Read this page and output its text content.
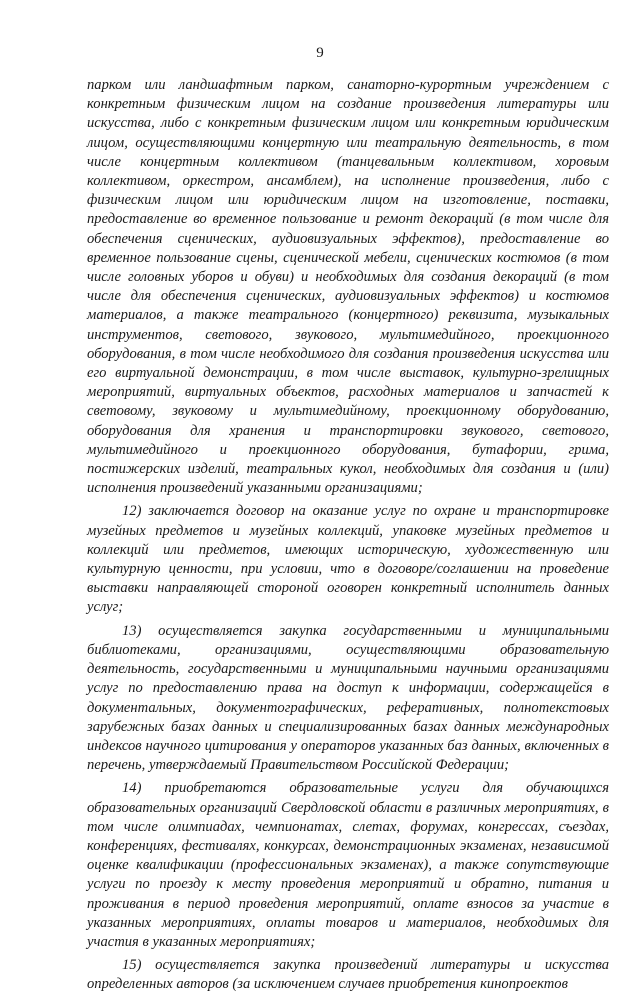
9

парком или ландшафтным парком, санаторно-курортным учреждением с конкретным физическим лицом на создание произведения литературы или искусства, либо с конкретным физическим лицом или конкретным юридическим лицом, осуществляющими концертную или театральную деятельность, в том числе концертным коллективом (танцевальным коллективом, хоровым коллективом, оркестром, ансамблем), на исполнение произведения, либо с физическим лицом или юридическим лицом на изготовление, поставки, предоставление во временное пользование и ремонт декораций (в том числе для обеспечения сценических, аудиовизуальных эффектов), предоставление во временное пользование сцены, сценической мебели, сценических костюмов (в том числе головных уборов и обуви) и необходимых для создания декораций (в том числе для обеспечения сценических, аудиовизуальных эффектов) и костюмов материалов, а также театрального (концертного) реквизита, музыкальных инструментов, светового, звукового, мультимедийного, проекционного оборудования, в том числе необходимого для создания произведения искусства или его виртуальной демонстрации, в том числе выставок, культурно-зрелищных мероприятий, виртуальных объектов, расходных материалов и запчастей к световому, звуковому и мультимедийному, проекционному оборудованию, оборудования для хранения и транспортировки звукового, светового, мультимедийного и проекционного оборудования, бутафории, грима, постижерских изделий, театральных кукол, необходимых для создания и (или) исполнения произведений указанными организациями;

12) заключается договор на оказание услуг по охране и транспортировке музейных предметов и музейных коллекций, упаковке музейных предметов и коллекций или предметов, имеющих историческую, художественную или культурную ценности, при условии, что в договоре/соглашении на проведение выставки направляющей стороной оговорен конкретный исполнитель данных услуг;

13) осуществляется закупка государственными и муниципальными библиотеками, организациями, осуществляющими образовательную деятельность, государственными и муниципальными научными организациями услуг по предоставлению права на доступ к информации, содержащейся в документальных, документографических, реферативных, полнотекстовых зарубежных базах данных и специализированных базах данных международных индексов научного цитирования у операторов указанных баз данных, включенных в перечень, утверждаемый Правительством Российской Федерации;

14) приобретаются образовательные услуги для обучающихся образовательных организаций Свердловской области в различных мероприятиях, в том числе олимпиадах, чемпионатах, слетах, форумах, конгрессах, съездах, конференциях, фестивалях, конкурсах, демонстрационных экзаменах, независимой оценке квалификации (профессиональных экзаменах), а также сопутствующие услуги по проезду к месту проведения мероприятий и обратно, питания и проживания в период проведения мероприятий, оплате взносов за участие в указанных мероприятиях, оплаты товаров и материалов, необходимых для участия в указанных мероприятиях;

15) осуществляется закупка произведений литературы и искусства определенных авторов (за исключением случаев приобретения кинопроектов
